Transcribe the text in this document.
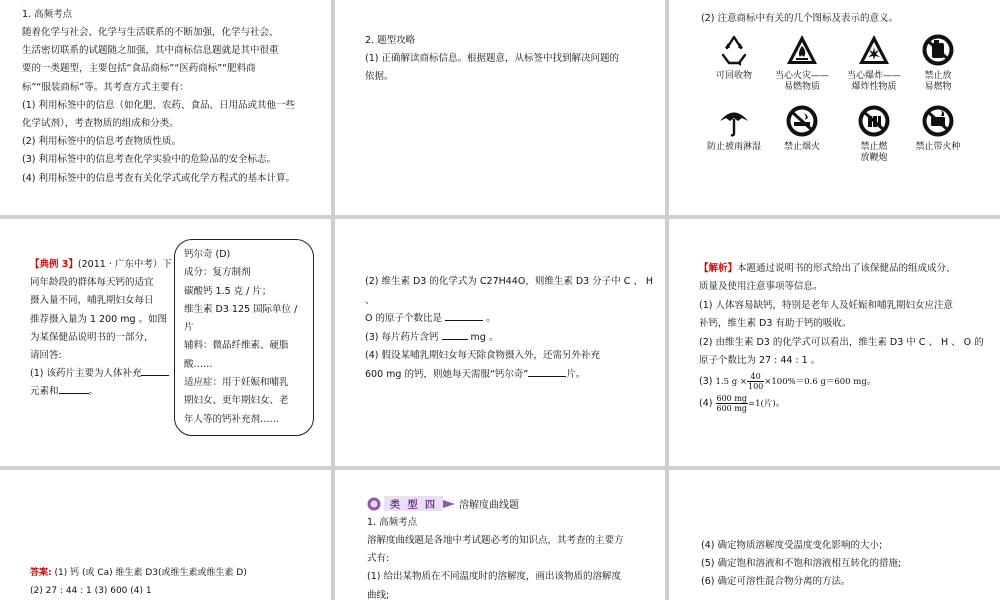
1. 高频考点
随着化学与社会、化学与生活联系的不断加强，化学与社会、
生活密切联系的试题随之加强，其中商标信息题就是其中很重
要的一类题型，主要包括“食品商标”“医药商标”“肥料商
标”“服装商标”等。其考查方式主要有：
(1) 利用标签中的信息（如化肥、农药、食品、日用品或其他一些
化学试剂），考查物质的组成和分类。
(2) 利用标签中的信息考查物质性质。
(3) 利用标签中的信息考查化学实验中的危险品的安全标志。
(4) 利用标签中的信息考查有关化学式或化学方程式的基本计算。
2. 题型攻略
(1) 正确解读商标信息。根据题意，从标签中找到解决问题的
依据。
(2) 注意商标中有关的几个图标及表示的意义。
可回收物	当心火灾——
易燃物质
当心爆炸——
爆炸性物质
禁止放
易燃物
防止被雨淋湿	禁止烟火	禁止燃
放鞭炮
禁止带火种
【典例 3】(2011 · 广东中考）下
同年龄段的群体每天钙的适宜
摄入量不同，哺乳期妇女每日
推荐摄入量为 1 200 mg 。如图
为某保健品说明书的一部分，
请回答:
(1) 该药片主要为人体补充
元素和	。
钙尔奇 (D)
成分：复方制剂
碳酸钙 1.5 克 / 片；
维生素 D3 125 国际单位 /
片
辅料：微晶纤维素、硬脂
酸……
适应症：用于妊娠和哺乳
期妇女、更年期妇女、老
年人等的钙补充剂……
(2) 维生素 D3 的化学式为 C27H44O，则维生素 D3 分子中 C 、 H 、
O 的原子个数比是	。
(3) 每片药片含钙	mg 。
(4) 假设某哺乳期妇女每天除食物摄入外，还需另外补充
600 mg 的钙，则她每天需服“钙尔奇”	片。
【解析】本题通过说明书的形式给出了该保健品的组成成分、
质量及使用注意事项等信息。
(1) 人体容易缺钙，特别是老年人及妊娠和哺乳期妇女应注意
补钙，维生素 D3 有助于钙的吸收。
(2) 由维生素 D3 的化学式可以看出，维生素 D3 中 C 、 H 、 O 的
原子个数比为 27 : 44 : 1 。
(3) 1.5 $g \times \frac{40}{100} \times 100\%=0.6$ g＝600 mg。
$(4) \frac{600 mg}{600 mg} =1$(片)。
答案: (1) 钙 (或 Ca) 维生素 D3(或维生素或维生素 D)
(2) 27 : 44 : 1 (3) 600 (4) 1
类 型 四	溶解度曲线题
1. 高频考点
溶解度曲线题是各地中考试题必考的知识点，其考查的主要方
式有:
(1) 给出某物质在不同温度时的溶解度，画出该物质的溶解度
曲线;
(4) 确定物质溶解度受温度变化影响的大小;
(5) 确定饱和溶液和不饱和溶液相互转化的措施;
(6) 确定可溶性混合物分离的方法。
